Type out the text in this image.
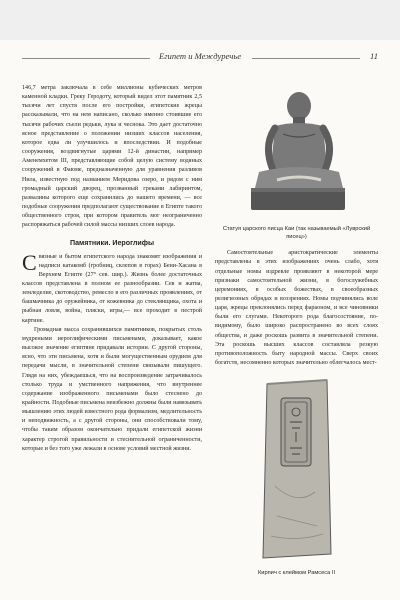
Египет и Междуречье	11

146,7 метра заключала в себе миллионы кубических метров каменной кладки. Греку Геродоту, который видел этот памятник 2,5 тысячи лет спустя после его постройки, египетские жрецы рассказывали, что на нем написано, сколько именно стоившие его тысячи рабочих съели редьки, лука и чеснока. Это дает достаточно ясное представление о положении низших классов населения, которое едва ли улучшилось и впоследствии. И подобные сооружения, воздвигнутые царями 12-й династии, например Аменемхетом III, представляющие собой целую систему водяных сооружений в Фаюме, предназначенную для уравнения разливов Нила, известную под названием Меридова озеро, и рядом с ним громадный царский дворец, прозванный греками лабиринтом, развалины которого еще сохранились до нашего времени, — все подобные сооружения предполагают существование в Египте такого общественного строя, при котором правитель мог неограниченно распоряжаться рабочей силой массы низших слоев народа.

Памятники. Иероглифы

Связные и бытом египетского народа знакомят изображения и надписи катакомб (гробниц, склепов в горах) Бени-Хасана в Верхнем Египте (27° сев. шир.). Жизнь более достаточных классов представлена в полном ее разнообразии. Сев и жатва, земледелие, скотоводство, ремесло в его различных проявлениях, от башмачника до оружейника, от кожевника до стеклянщика, охота и рыбная ловля, война, пляски, игры,— все проходит в пестрой картине.

Громадная масса сохранившихся памятников, покрытых столь мудреными иероглифическими письменами, доказывает, какое высокое значение египтяне придавали истории. С другой стороны, ясно, что эти письмена, хотя и были могущественным орудием для передачи мысли, в значительной степени связывали пишущего. Глядя на них, убеждаешься, что на воспроизведение затрачивалось столько труда и умственного напряжения, что внутреннее содержание изображенного письменами было стеснено до крайности. Подобные письмена неизбежно должны были навязывать мышлению этих людей известного рода формализм, медлительность и неподвижность, а с другой стороны, они способствовали тому, чтобы таким образом окончательно придали египетской жизни характер строгой правильности и стеснительной ограниченности, которые и без того уже лежали в основе условий местной жизни.

Статуя царского писца Каи (так называемый «Луврский писец»)

Самостоятельные аристократические элементы представлены в этих изображениях очень слабо, хотя отдельные номы издревле проявляют в некоторой мере признаки самостоятельной жизни, в богослужебных церемониях, в особых божествах, в своеобразных религиозных обрядах и воззрениях. Номы подчинялись воле царя, жрецы преклонялись перед фараоном, и все чиновники были его слугами. Некоторого рода благосостояние, по-видимому, было широко распространено во всех слоях общества, и даже роскошь развита в значительной степени. Эта роскошь высших классов составляла резкую противоположность быту народной массы. Сверх своих богатств, несомненно которых значительно облегчалось мест-

Кирпич с клеймом Рамсеса II
